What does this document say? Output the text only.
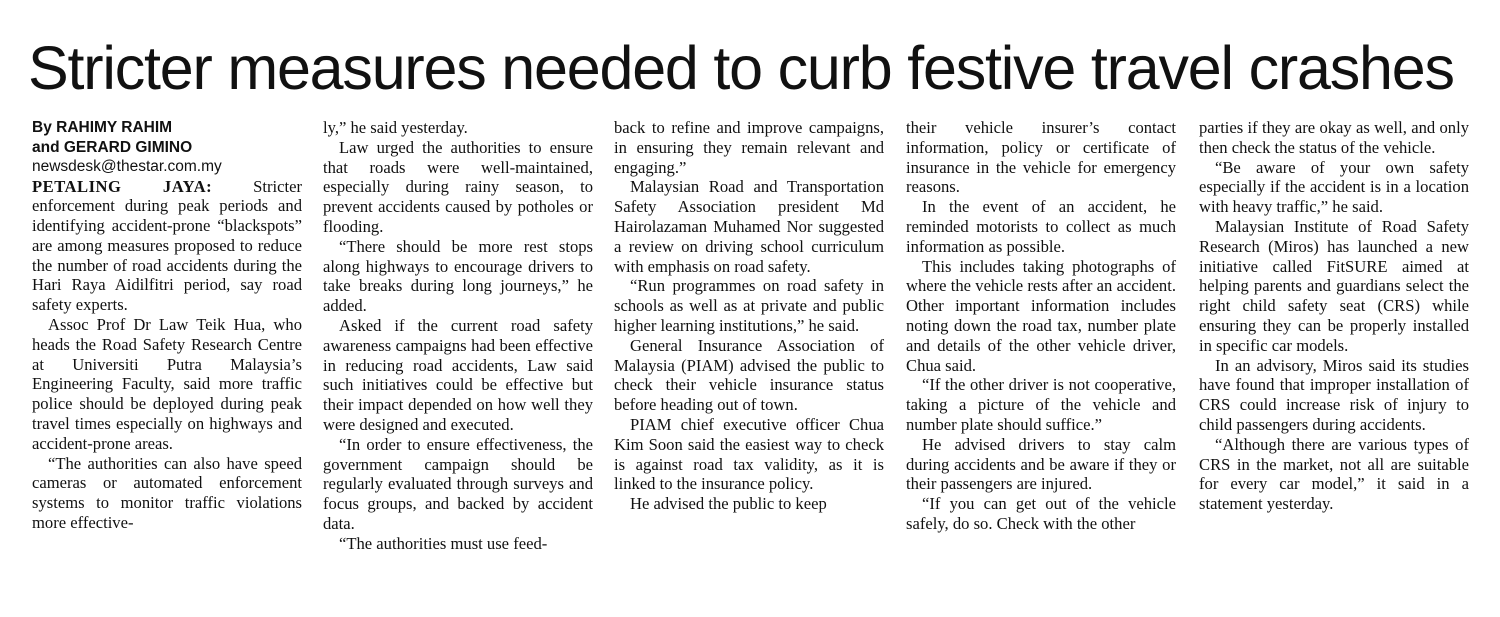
Stricter measures needed to curb festive travel crashes

By RAHIMY RAHIM

and GERARD GIMINO

newsdesk@thestar.com.my

PETALING JAYA: Stricter enforcement during peak periods and identifying accident-prone “blackspots” are among measures proposed to reduce the number of road accidents during the Hari Raya Aidilfitri period, say road safety experts.

Assoc Prof Dr Law Teik Hua, who heads the Road Safety Research Centre at Universiti Putra Malaysia’s Engineering Faculty, said more traffic police should be deployed during peak travel times especially on highways and accident-prone areas.

“The authorities can also have speed cameras or automated enforcement systems to monitor traffic violations more effective-

ly,” he said yesterday.

Law urged the authorities to ensure that roads were well-maintained, especially during rainy season, to prevent accidents caused by potholes or flooding.

“There should be more rest stops along highways to encourage drivers to take breaks during long journeys,” he added.

Asked if the current road safety awareness campaigns had been effective in reducing road accidents, Law said such initiatives could be effective but their impact depended on how well they were designed and executed.

“In order to ensure effectiveness, the government campaign should be regularly evaluated through surveys and focus groups, and backed by accident data.

“The authorities must use feed-

back to refine and improve campaigns, in ensuring they remain relevant and engaging.”

Malaysian Road and Transportation Safety Association president Md Hairolazaman Muhamed Nor suggested a review on driving school curriculum with emphasis on road safety.

“Run programmes on road safety in schools as well as at private and public higher learning institutions,” he said.

General Insurance Association of Malaysia (PIAM) advised the public to check their vehicle insurance status before heading out of town.

PIAM chief executive officer Chua Kim Soon said the easiest way to check is against road tax validity, as it is linked to the insurance policy.

He advised the public to keep

their vehicle insurer’s contact information, policy or certificate of insurance in the vehicle for emergency reasons.

In the event of an accident, he reminded motorists to collect as much information as possible.

This includes taking photographs of where the vehicle rests after an accident. Other important information includes noting down the road tax, number plate and details of the other vehicle driver, Chua said.

“If the other driver is not cooperative, taking a picture of the vehicle and number plate should suffice.”

He advised drivers to stay calm during accidents and be aware if they or their passengers are injured.

“If you can get out of the vehicle safely, do so. Check with the other

parties if they are okay as well, and only then check the status of the vehicle.

“Be aware of your own safety especially if the accident is in a location with heavy traffic,” he said.

Malaysian Institute of Road Safety Research (Miros) has launched a new initiative called FitSURE aimed at helping parents and guardians select the right child safety seat (CRS) while ensuring they can be properly installed in specific car models.

In an advisory, Miros said its studies have found that improper installation of CRS could increase risk of injury to child passengers during accidents.

“Although there are various types of CRS in the market, not all are suitable for every car model,” it said in a statement yesterday.
